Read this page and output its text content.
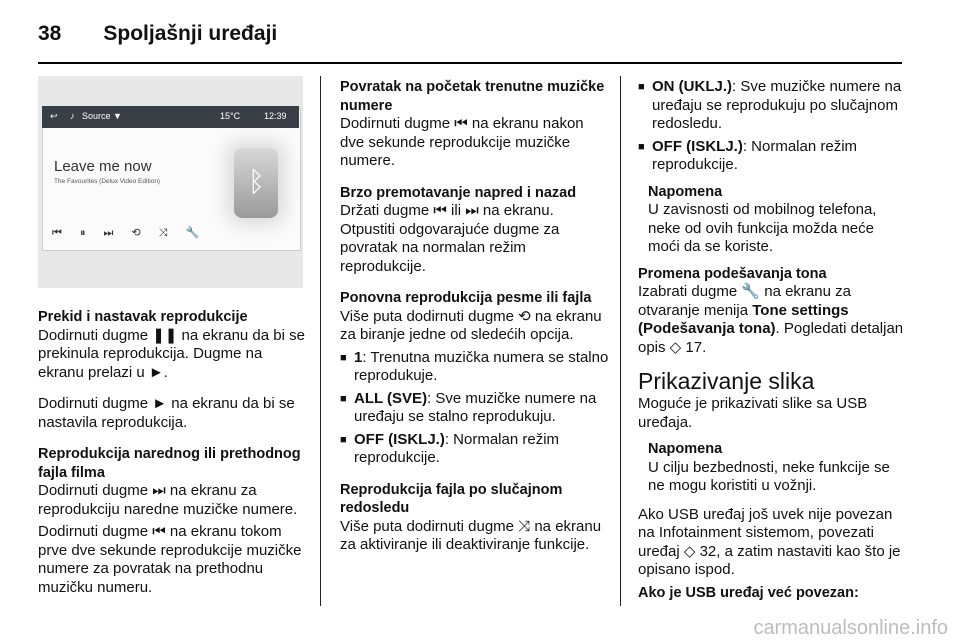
38 Spoljašnji uređaji
↩ ♪ Source ▼	15°C	12:39
Leave me now
The Favourites (Delux Video Edition)
⏮ ⏸ ⏭ ⟲ ⤨ 🔧
ᛒ

Prekid i nastavak reprodukcije

Dodirnuti dugme ❚❚ na ekranu da bi se prekinula reprodukcija. Dugme na ekranu prelazi u ►.

Dodirnuti dugme ► na ekranu da bi se nastavila reprodukcija.

Reprodukcija narednog ili prethodnog fajla filma

Dodirnuti dugme ⏭ na ekranu za reprodukciju naredne muzičke numere.

Dodirnuti dugme ⏮ na ekranu tokom prve dve sekunde reprodukcije muzičke numere za povratak na prethodnu muzičku numeru.

Povratak na početak trenutne muzičke numere

Dodirnuti dugme ⏮ na ekranu nakon dve sekunde reprodukcije muzičke numere.

Brzo premotavanje napred i nazad

Držati dugme ⏮ ili ⏭ na ekranu. Otpustiti odgovarajuće dugme za povratak na normalan režim reprodukcije.

Ponovna reprodukcija pesme ili fajla

Više puta dodirnuti dugme ⟲ na ekranu za biranje jedne od sledećih opcija.

■ 1: Trenutna muzička numera se stalno reprodukuje.
■ ALL (SVE): Sve muzičke numere na uređaju se stalno reprodukuju.
■ OFF (ISKLJ.): Normalan režim reprodukcije.

Reprodukcija fajla po slučajnom redosledu

Više puta dodirnuti dugme ⤨ na ekranu za aktiviranje ili deaktiviranje funkcije.

■ ON (UKLJ.): Sve muzičke numere na uređaju se reprodukuju po slučajnom redosledu.
■ OFF (ISKLJ.): Normalan režim reprodukcije.

Napomena

U zavisnosti od mobilnog telefona, neke od ovih funkcija možda neće moći da se koriste.

Promena podešavanja tona

Izabrati dugme 🔧 na ekranu za otvaranje menija Tone settings (Podešavanja tona). Pogledati detaljan opis ◇ 17.

Prikazivanje slika

Moguće je prikazivati slike sa USB uređaja.

Napomena

U cilju bezbednosti, neke funkcije se ne mogu koristiti u vožnji.

Ako USB uređaj još uvek nije povezan na Infotainment sistemom, povezati uređaj ◇ 32, a zatim nastaviti kao što je opisano ispod.

Ako je USB uređaj već povezan:

carmanualsonline.info
